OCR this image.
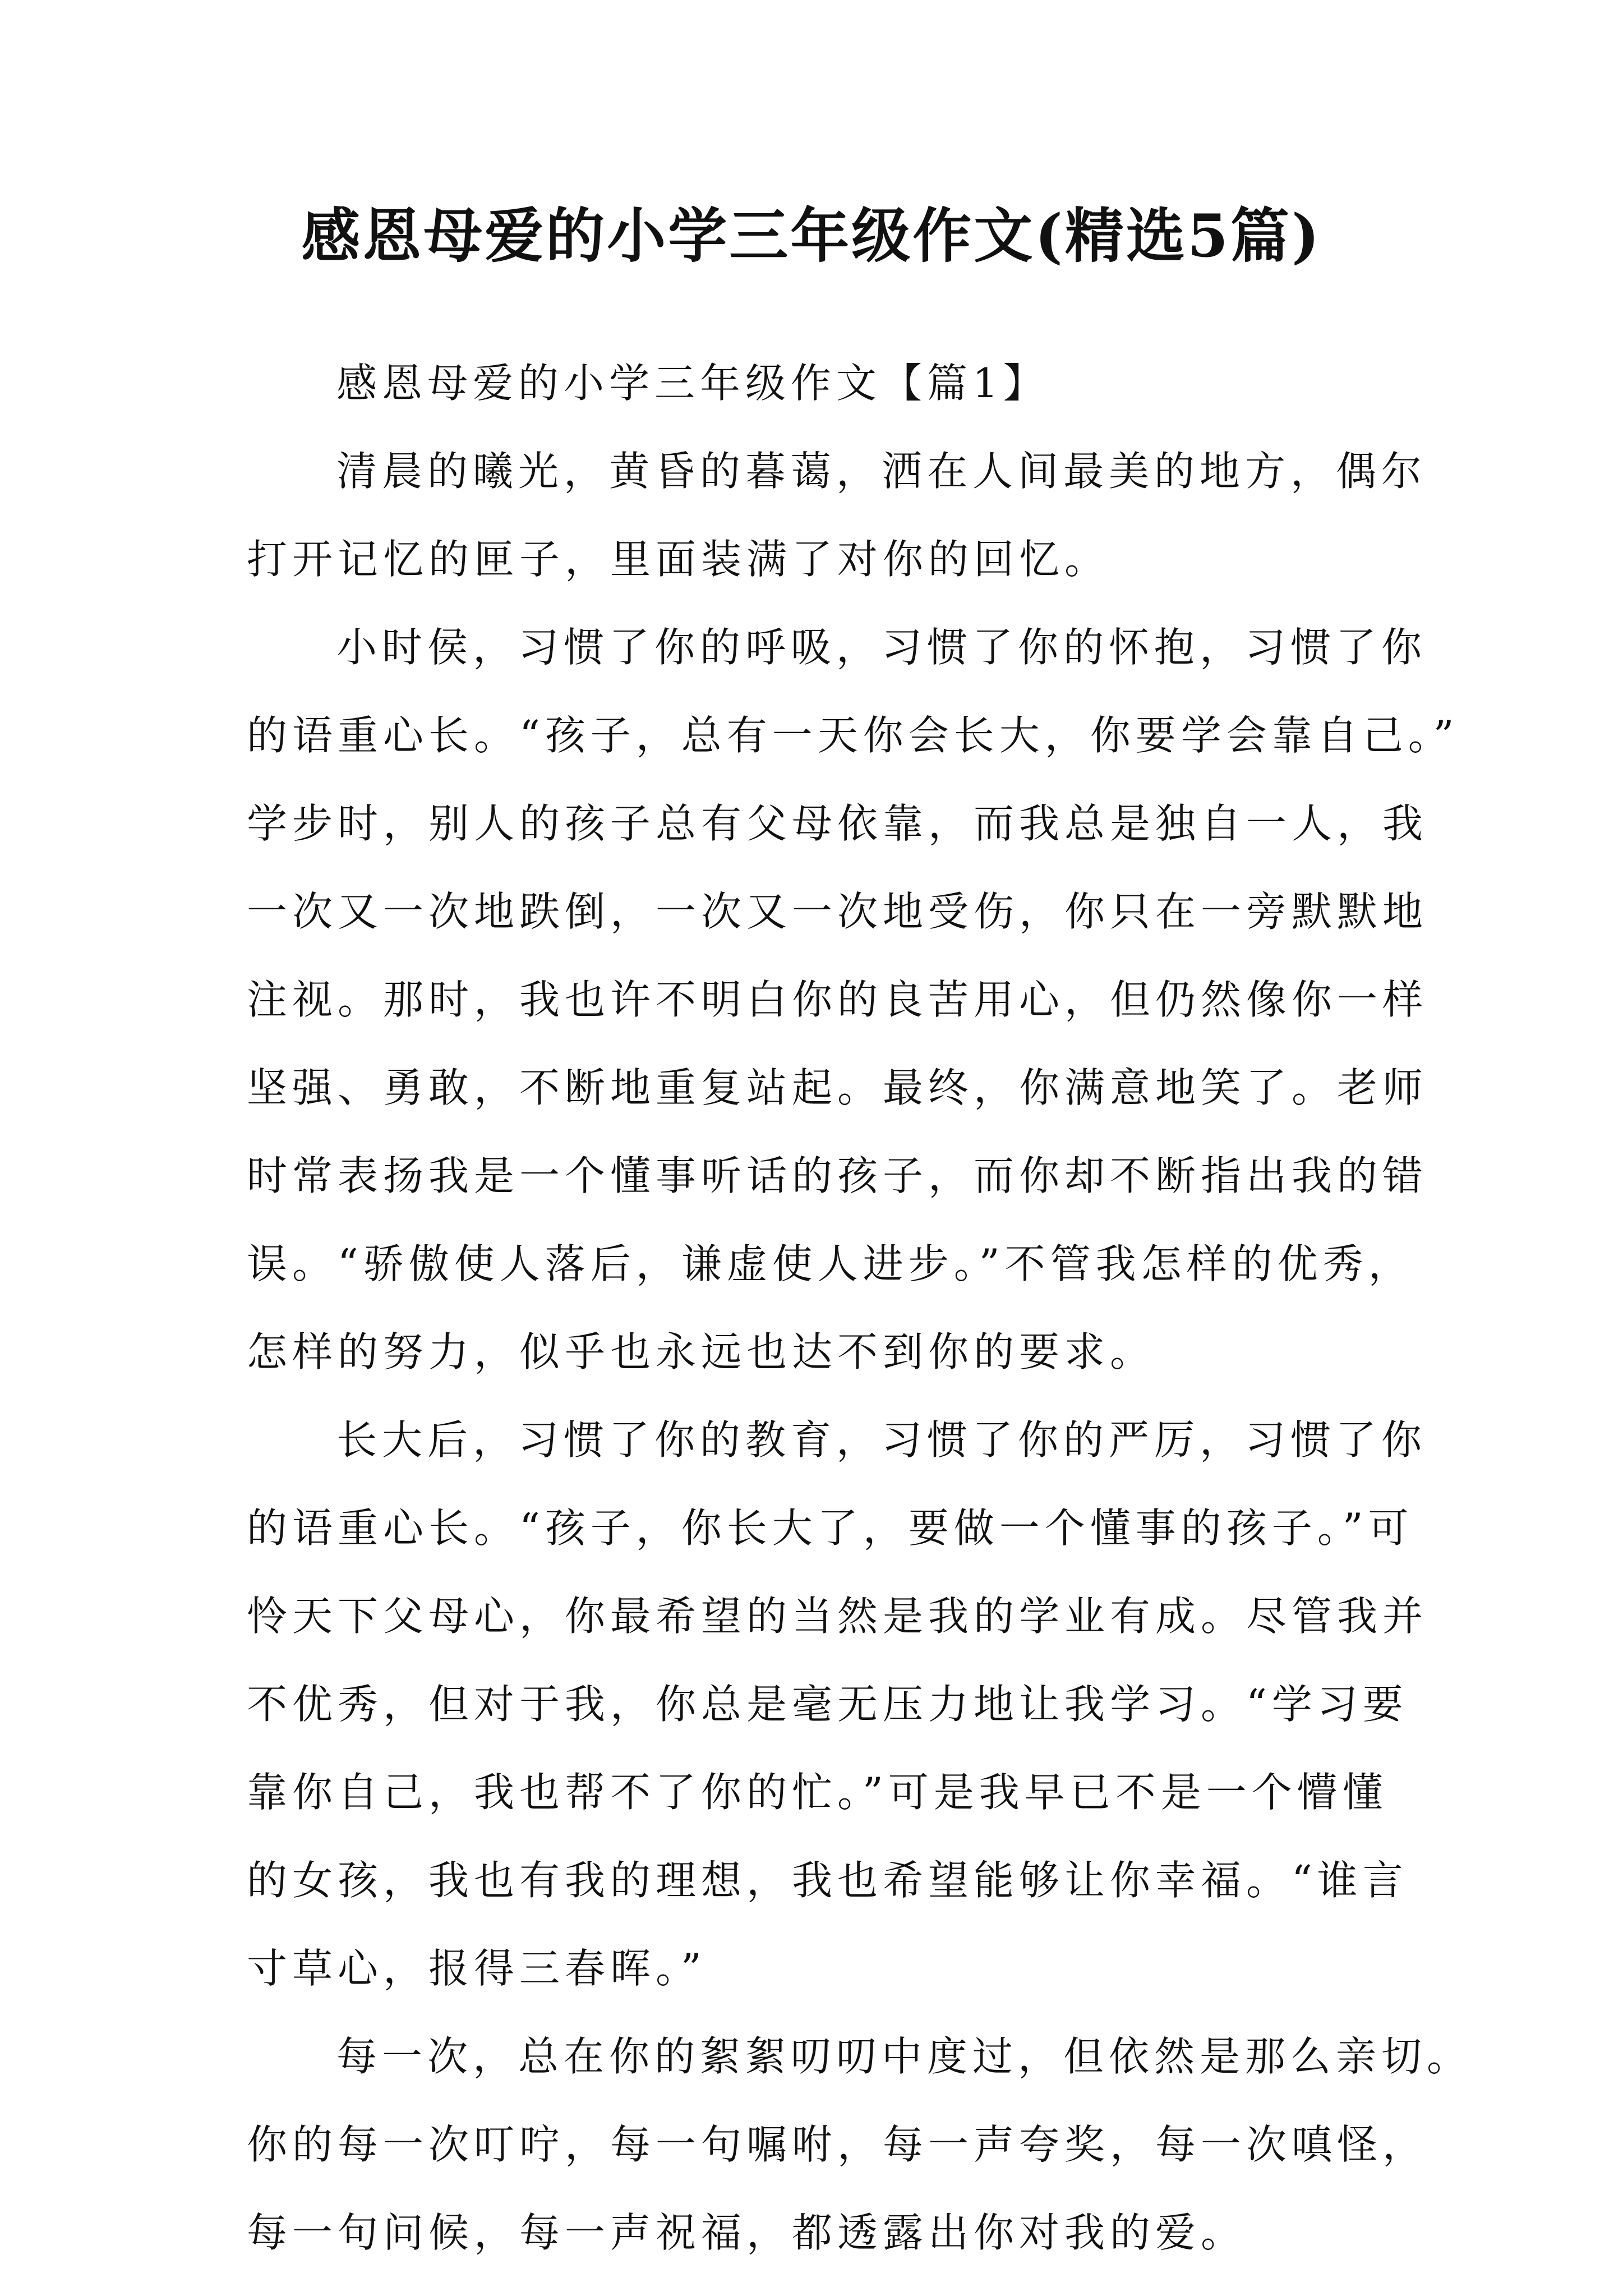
感恩母爱的小学三年级作文(精选5篇)

感恩母爱的小学三年级作文【篇1】

清晨的曦光，黄昏的暮蔼，洒在人间最美的地方，偶尔
打开记忆的匣子，里面装满了对你的回忆。

小时侯，习惯了你的呼吸，习惯了你的怀抱，习惯了你
的语重心长。“孩子，总有一天你会长大，你要学会靠自己。”
学步时，别人的孩子总有父母依靠，而我总是独自一人，我
一次又一次地跌倒，一次又一次地受伤，你只在一旁默默地
注视。那时，我也许不明白你的良苦用心，但仍然像你一样
坚强、勇敢，不断地重复站起。最终，你满意地笑了。老师
时常表扬我是一个懂事听话的孩子，而你却不断指出我的错
误。“骄傲使人落后，谦虚使人进步。”不管我怎样的优秀，
怎样的努力，似乎也永远也达不到你的要求。

长大后，习惯了你的教育，习惯了你的严厉，习惯了你
的语重心长。“孩子，你长大了，要做一个懂事的孩子。”可
怜天下父母心，你最希望的当然是我的学业有成。尽管我并
不优秀，但对于我，你总是毫无压力地让我学习。“学习要
靠你自己，我也帮不了你的忙。”可是我早已不是一个懵懂
的女孩，我也有我的理想，我也希望能够让你幸福。“谁言
寸草心，报得三春晖。”

每一次，总在你的絮絮叨叨中度过，但依然是那么亲切。
你的每一次叮咛，每一句嘱咐，每一声夸奖，每一次嗔怪，
每一句问候，每一声祝福，都透露出你对我的爱。
